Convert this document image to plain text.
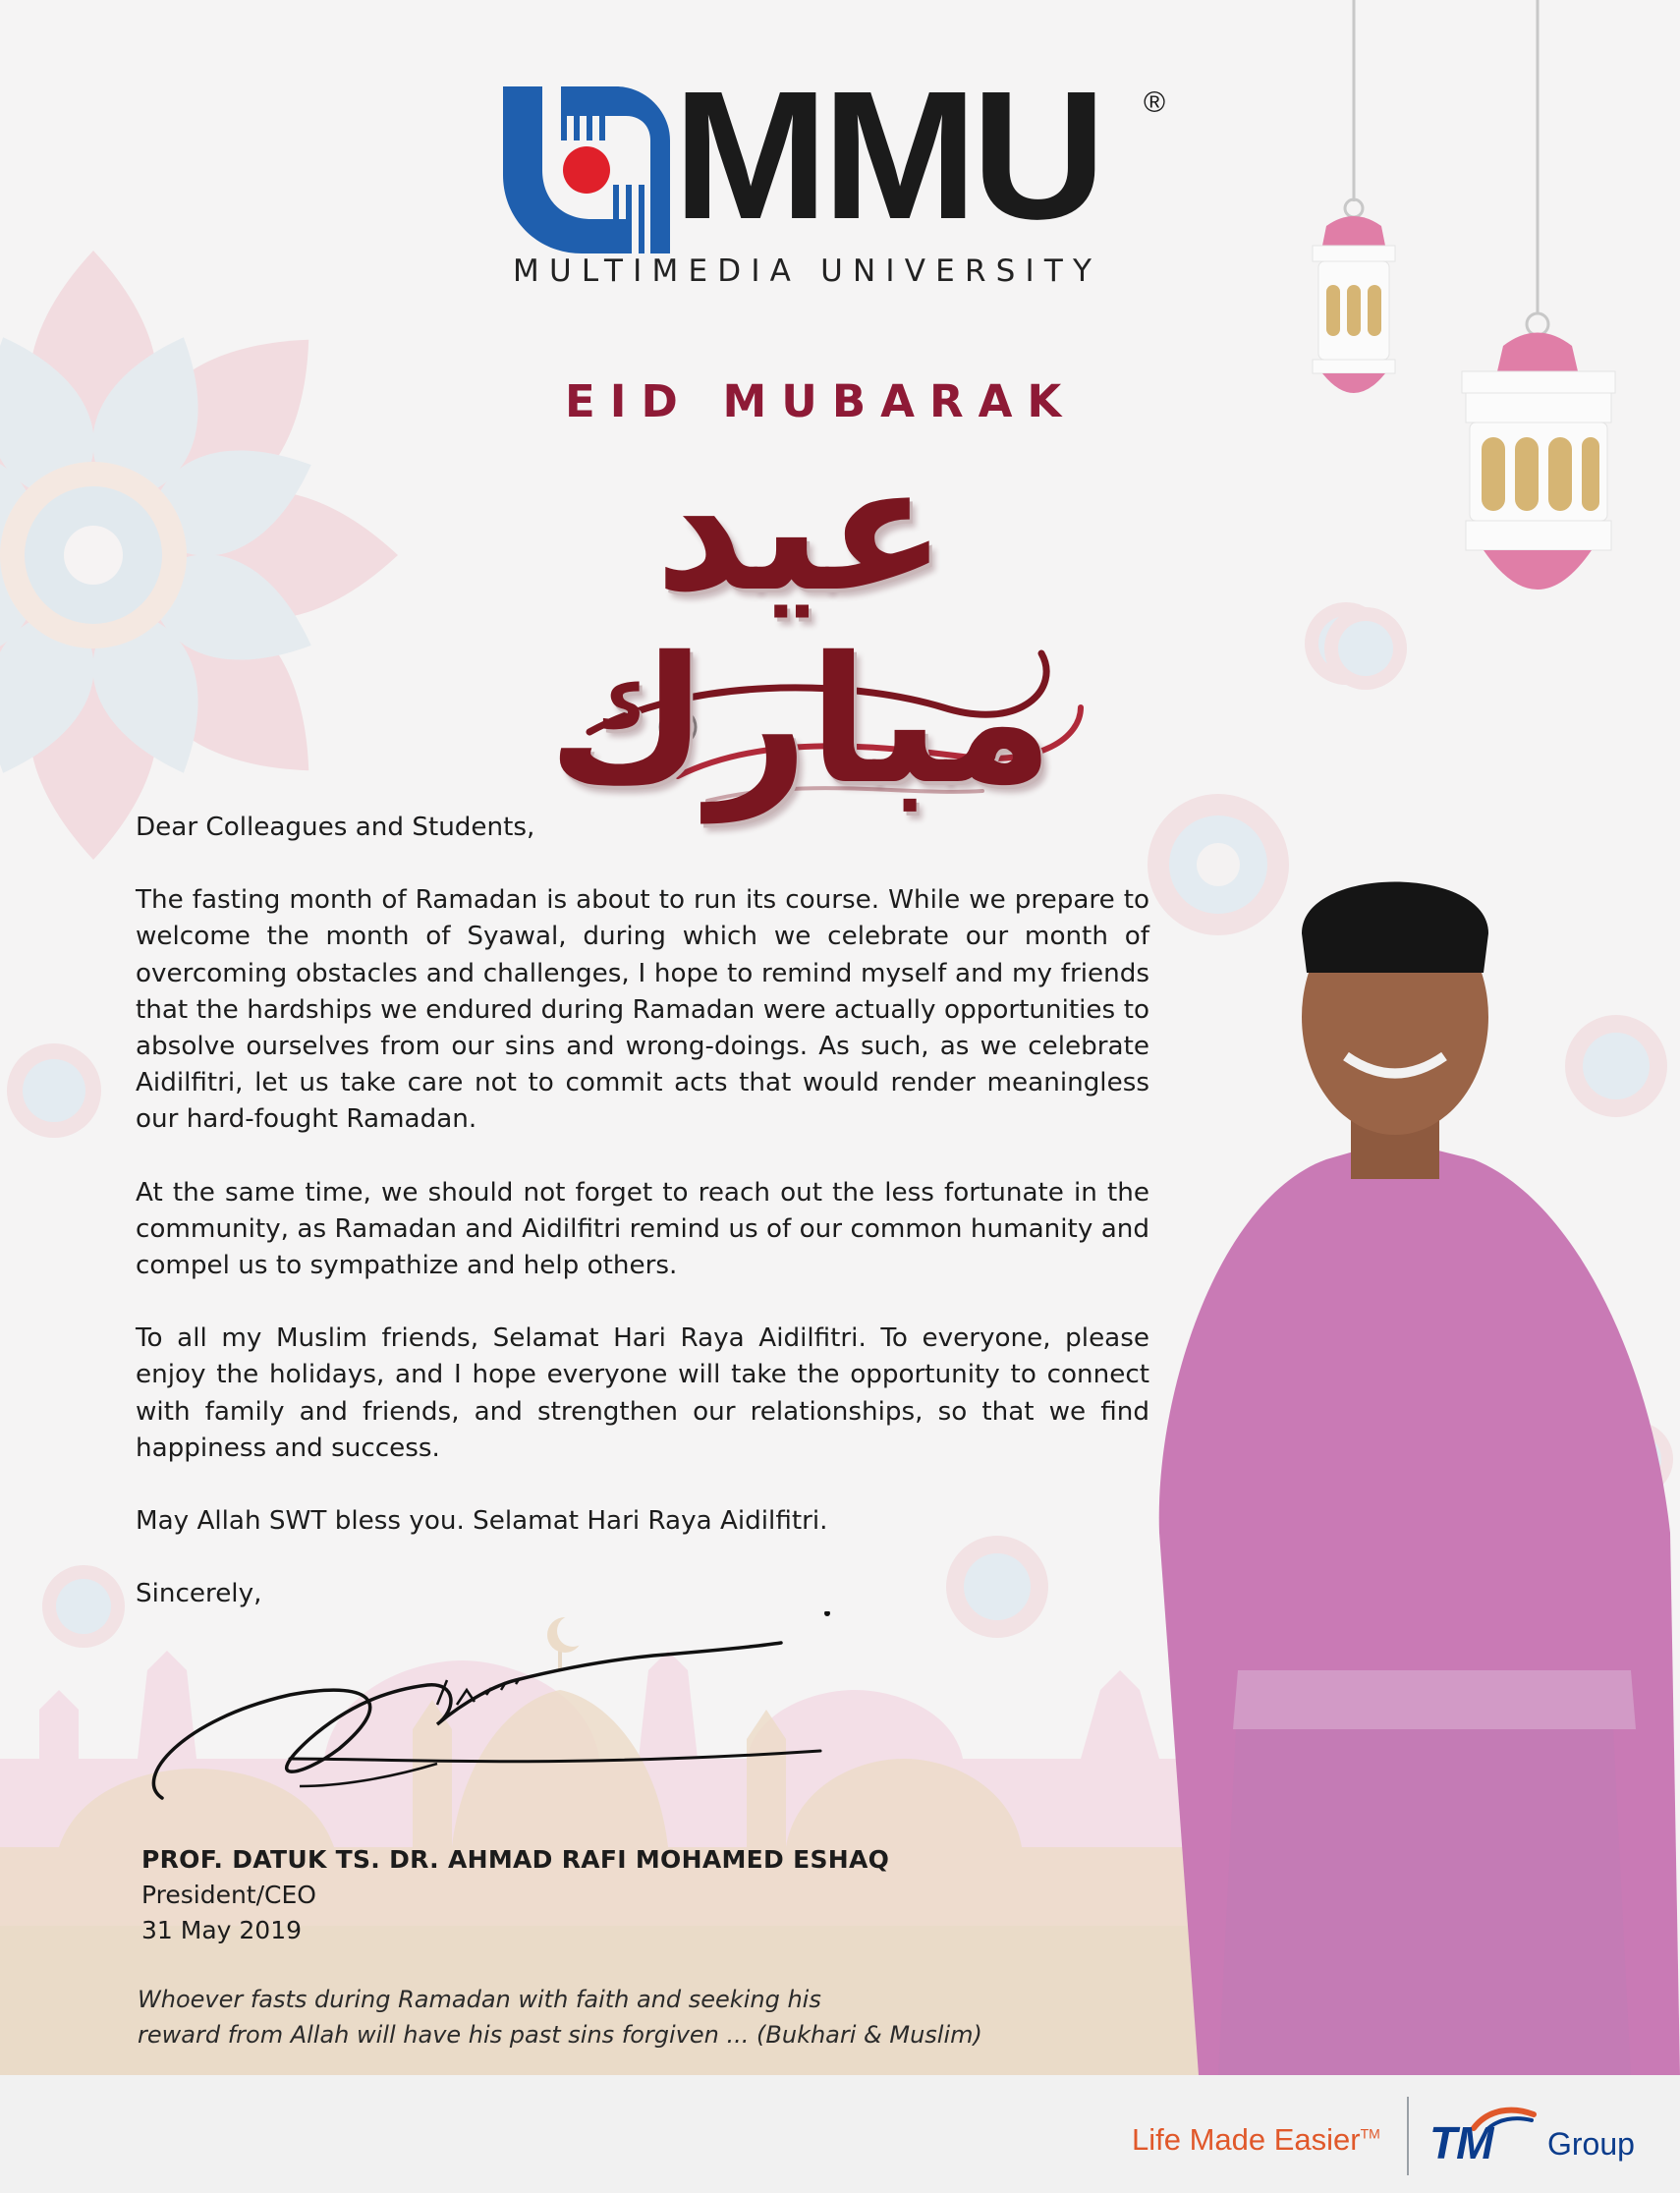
MMU ®
MULTIMEDIA UNIVERSITY
EID MUBARAK
عيد مبارك

Dear Colleagues and Students,

The fasting month of Ramadan is about to run its course. While we prepare to welcome the month of Syawal, during which we celebrate our month of overcoming obstacles and challenges, I hope to remind myself and my friends that the hardships we endured during Ramadan were actually opportunities to absolve ourselves from our sins and wrong-doings. As such, as we celebrate Aidilfitri, let us take care not to commit acts that would render meaningless our hard-fought Ramadan.

At the same time, we should not forget to reach out the less fortunate in the community, as Ramadan and Aidilfitri remind us of our common humanity and compel us to sympathize and help others.

To all my Muslim friends, Selamat Hari Raya Aidilfitri. To everyone, please enjoy the holidays, and I hope everyone will take the opportunity to connect with family and friends, and strengthen our relationships, so that we find happiness and success.

May Allah SWT bless you. Selamat Hari Raya Aidilfitri.

Sincerely,

PROF. DATUK TS. DR. AHMAD RAFI MOHAMED ESHAQ
President/CEO
31 May 2019
Whoever fasts during Ramadan with faith and seeking his
reward from Allah will have his past sins forgiven ... (Bukhari & Muslim)
Life Made Easier™ TM Group
